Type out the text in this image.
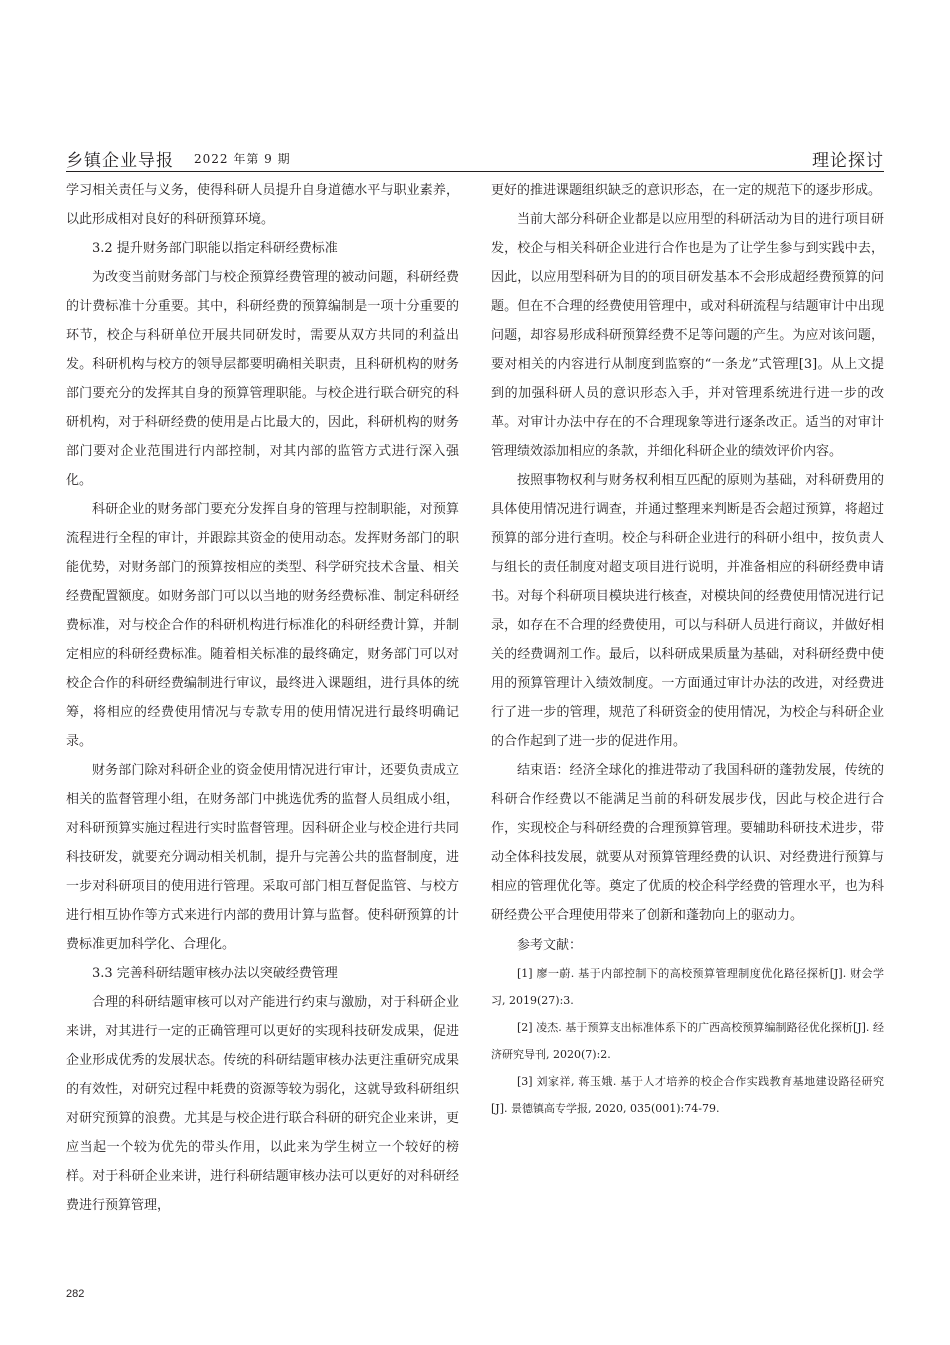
乡镇企业导报 2022 年第 9 期	理论探讨

学习相关责任与义务，使得科研人员提升自身道德水平与职业素养，以此形成相对良好的科研预算环境。

3.2 提升财务部门职能以指定科研经费标准

为改变当前财务部门与校企预算经费管理的被动问题，科研经费的计费标准十分重要。其中，科研经费的预算编制是一项十分重要的环节，校企与科研单位开展共同研发时，需要从双方共同的利益出发。科研机构与校方的领导层都要明确相关职责，且科研机构的财务部门要充分的发挥其自身的预算管理职能。与校企进行联合研究的科研机构，对于科研经费的使用是占比最大的，因此，科研机构的财务部门要对企业范围进行内部控制，对其内部的监管方式进行深入强化。

科研企业的财务部门要充分发挥自身的管理与控制职能，对预算流程进行全程的审计，并跟踪其资金的使用动态。发挥财务部门的职能优势，对财务部门的预算按相应的类型、科学研究技术含量、相关经费配置额度。如财务部门可以以当地的财务经费标准、制定科研经费标准，对与校企合作的科研机构进行标准化的科研经费计算，并制定相应的科研经费标准。随着相关标准的最终确定，财务部门可以对校企合作的科研经费编制进行审议，最终进入课题组，进行具体的统筹，将相应的经费使用情况与专款专用的使用情况进行最终明确记录。

财务部门除对科研企业的资金使用情况进行审计，还要负责成立相关的监督管理小组，在财务部门中挑选优秀的监督人员组成小组，对科研预算实施过程进行实时监督管理。因科研企业与校企进行共同科技研发，就要充分调动相关机制，提升与完善公共的监督制度，进一步对科研项目的使用进行管理。采取可部门相互督促监管、与校方进行相互协作等方式来进行内部的费用计算与监督。使科研预算的计费标准更加科学化、合理化。

3.3 完善科研结题审核办法以突破经费管理

合理的科研结题审核可以对产能进行约束与激励，对于科研企业来讲，对其进行一定的正确管理可以更好的实现科技研发成果，促进企业形成优秀的发展状态。传统的科研结题审核办法更注重研究成果的有效性，对研究过程中耗费的资源等较为弱化，这就导致科研组织对研究预算的浪费。尤其是与校企进行联合科研的研究企业来讲，更应当起一个较为优先的带头作用，以此来为学生树立一个较好的榜样。对于科研企业来讲，进行科研结题审核办法可以更好的对科研经费进行预算管理，

更好的推进课题组织缺乏的意识形态，在一定的规范下的逐步形成。

当前大部分科研企业都是以应用型的科研活动为目的进行项目研发，校企与相关科研企业进行合作也是为了让学生参与到实践中去，因此，以应用型科研为目的的项目研发基本不会形成超经费预算的问题。但在不合理的经费使用管理中，或对科研流程与结题审计中出现问题，却容易形成科研预算经费不足等问题的产生。为应对该问题，要对相关的内容进行从制度到监察的“一条龙”式管理[3]。从上文提到的加强科研人员的意识形态入手，并对管理系统进行进一步的改革。对审计办法中存在的不合理现象等进行逐条改正。适当的对审计管理绩效添加相应的条款，并细化科研企业的绩效评价内容。

按照事物权利与财务权利相互匹配的原则为基础，对科研费用的具体使用情况进行调查，并通过整理来判断是否会超过预算，将超过预算的部分进行查明。校企与科研企业进行的科研小组中，按负责人与组长的责任制度对超支项目进行说明，并准备相应的科研经费申请书。对每个科研项目模块进行核查，对模块间的经费使用情况进行记录，如存在不合理的经费使用，可以与科研人员进行商议，并做好相关的经费调剂工作。最后，以科研成果质量为基础，对科研经费中使用的预算管理计入绩效制度。一方面通过审计办法的改进，对经费进行了进一步的管理，规范了科研资金的使用情况，为校企与科研企业的合作起到了进一步的促进作用。

结束语：经济全球化的推进带动了我国科研的蓬勃发展，传统的科研合作经费以不能满足当前的科研发展步伐，因此与校企进行合作，实现校企与科研经费的合理预算管理。要辅助科研技术进步，带动全体科技发展，就要从对预算管理经费的认识、对经费进行预算与相应的管理优化等。奠定了优质的校企科学经费的管理水平，也为科研经费公平合理使用带来了创新和蓬勃向上的驱动力。

参考文献：

[1] 廖一蔚. 基于内部控制下的高校预算管理制度优化路径探析[J]. 财会学习, 2019(27):3.

[2] 凌杰. 基于预算支出标准体系下的广西高校预算编制路径优化探析[J]. 经济研究导刊, 2020(7):2.

[3] 刘家祥, 蒋玉娥. 基于人才培养的校企合作实践教育基地建设路径研究[J]. 景德镇高专学报, 2020, 035(001):74-79.

282
